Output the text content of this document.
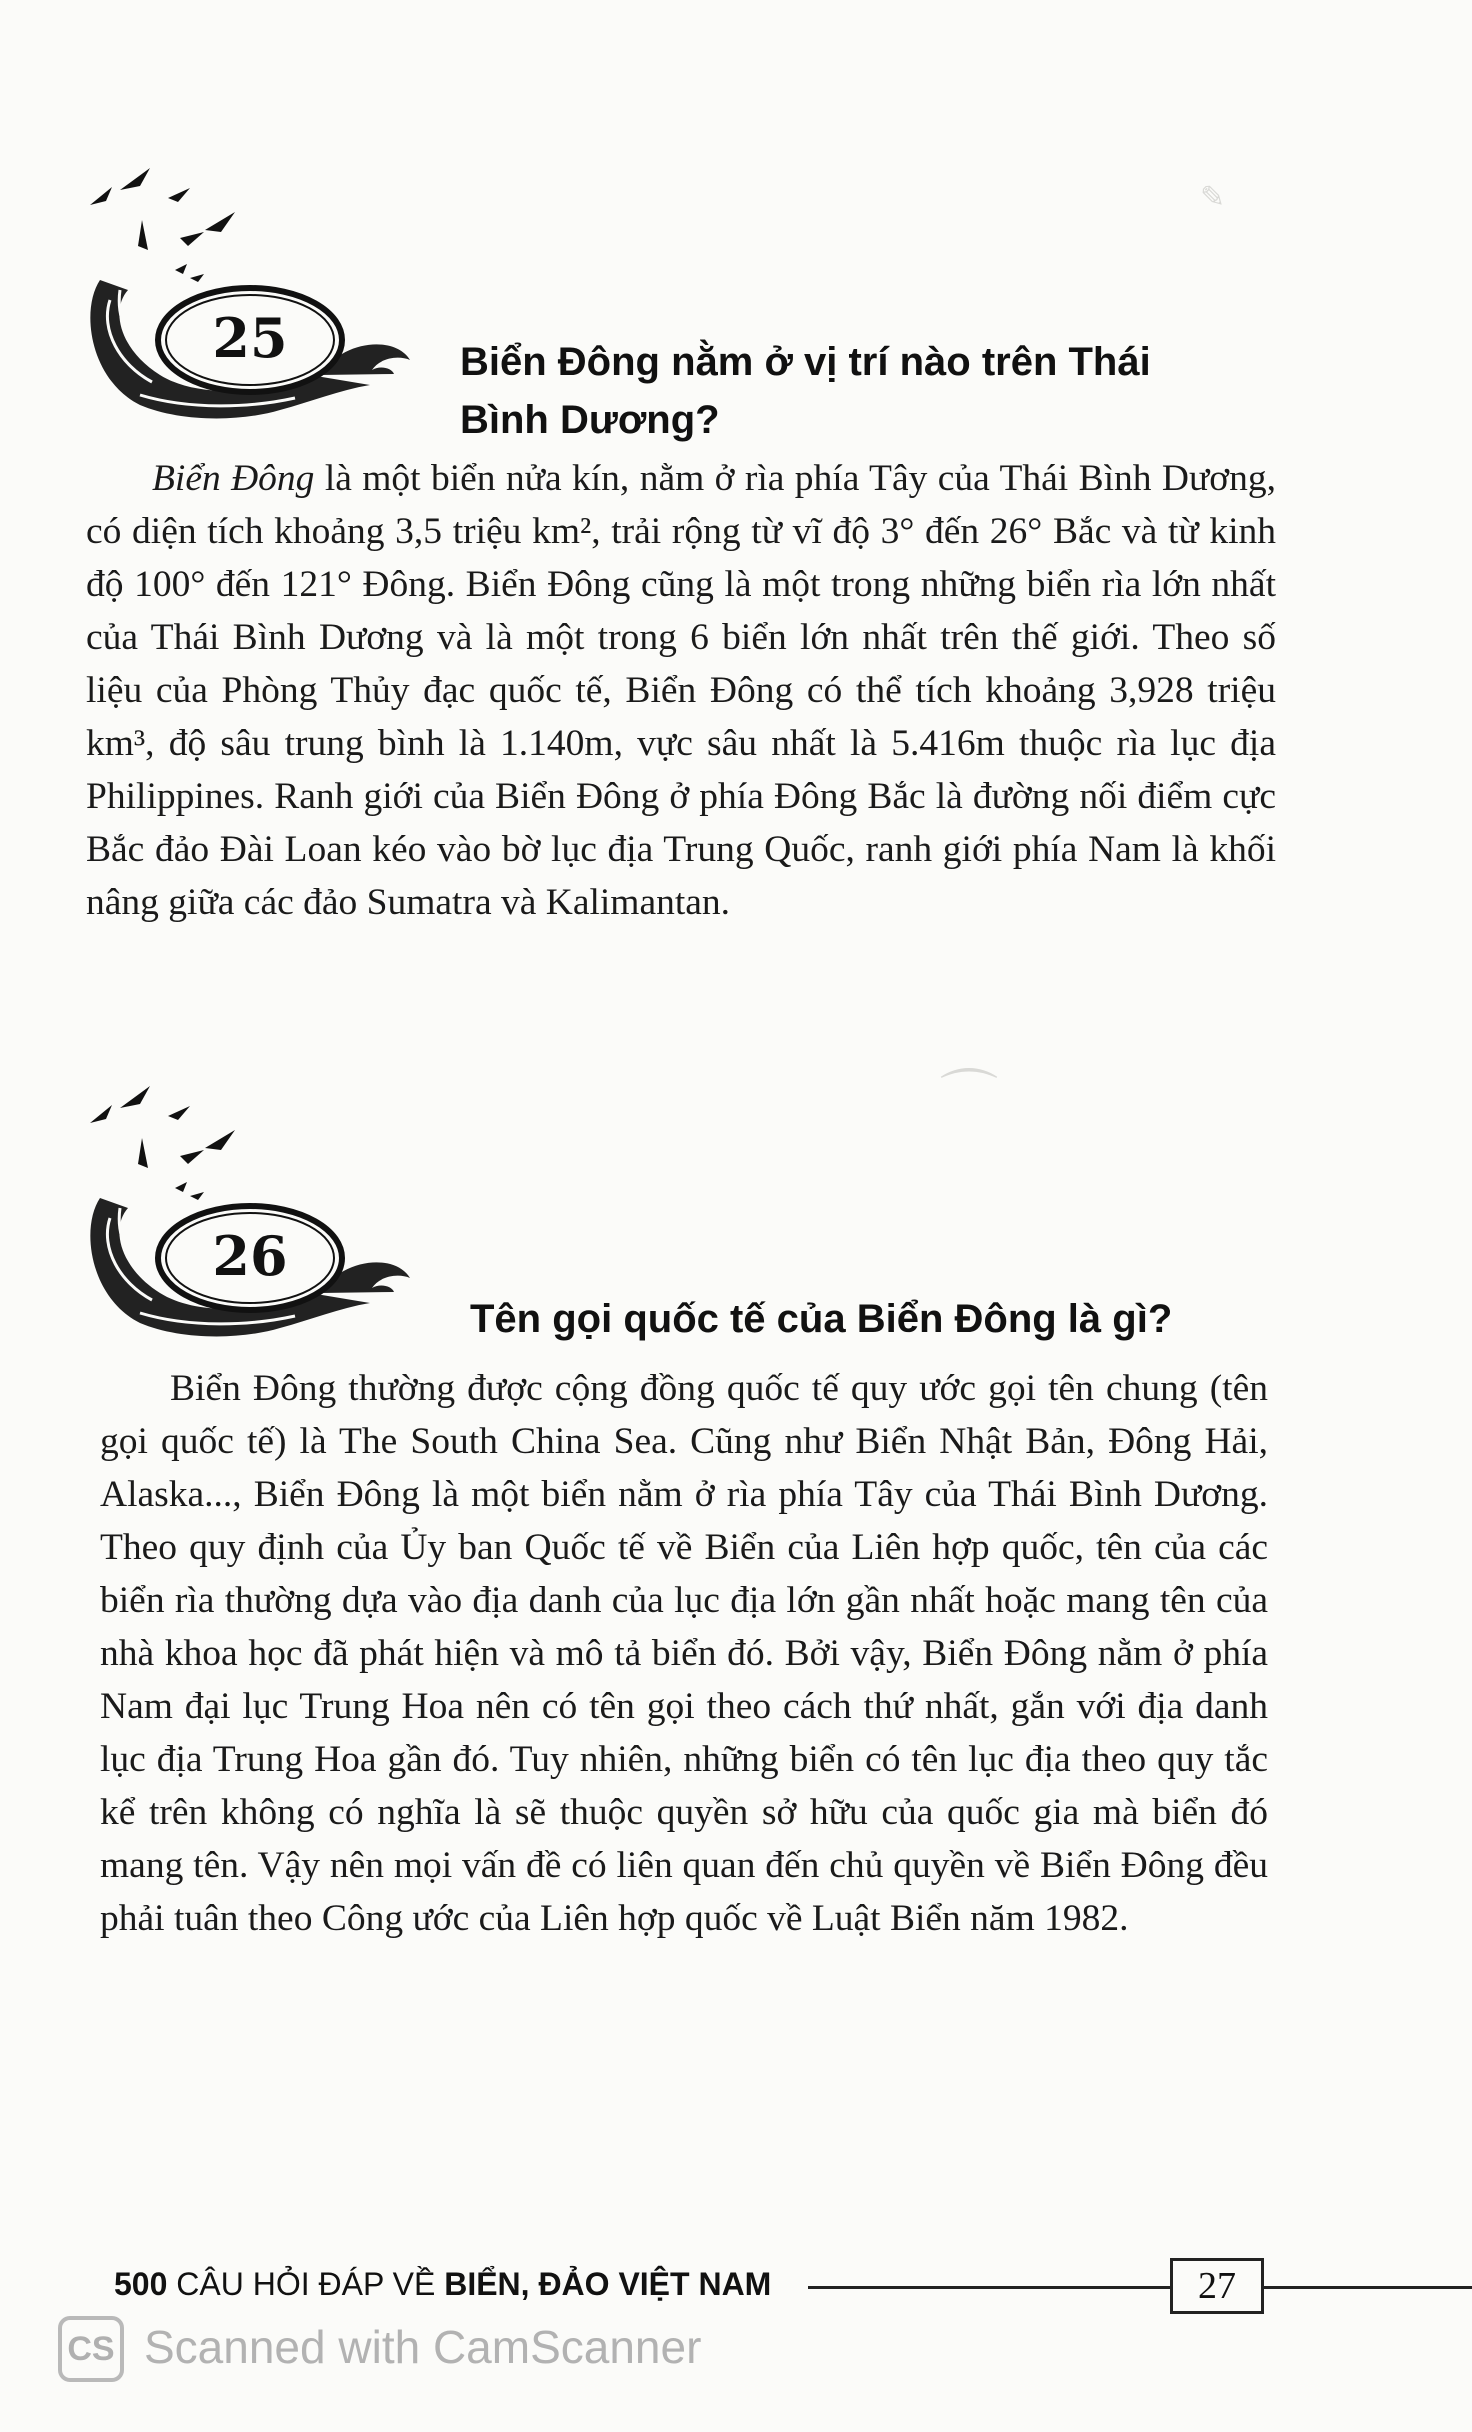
✎
⌒
25	Biển Đông nằm ở vị trí nào trên Thái
Bình Dương?

Biển Đông là một biển nửa kín, nằm ở rìa phía Tây của Thái Bình Dương, có diện tích khoảng 3,5 triệu km², trải rộng từ vĩ độ 3° đến 26° Bắc và từ kinh độ 100° đến 121° Đông. Biển Đông cũng là một trong những biển rìa lớn nhất của Thái Bình Dương và là một trong 6 biển lớn nhất trên thế giới. Theo số liệu của Phòng Thủy đạc quốc tế, Biển Đông có thể tích khoảng 3,928 triệu km³, độ sâu trung bình là 1.140m, vực sâu nhất là 5.416m thuộc rìa lục địa Philippines. Ranh giới của Biển Đông ở phía Đông Bắc là đường nối điểm cực Bắc đảo Đài Loan kéo vào bờ lục địa Trung Quốc, ranh giới phía Nam là khối nâng giữa các đảo Sumatra và Kalimantan.

26
Tên gọi quốc tế của Biển Đông là gì?

Biển Đông thường được cộng đồng quốc tế quy ước gọi tên chung (tên gọi quốc tế) là The South China Sea. Cũng như Biển Nhật Bản, Đông Hải, Alaska..., Biển Đông là một biển nằm ở rìa phía Tây của Thái Bình Dương. Theo quy định của Ủy ban Quốc tế về Biển của Liên hợp quốc, tên của các biển rìa thường dựa vào địa danh của lục địa lớn gần nhất hoặc mang tên của nhà khoa học đã phát hiện và mô tả biển đó. Bởi vậy, Biển Đông nằm ở phía Nam đại lục Trung Hoa nên có tên gọi theo cách thứ nhất, gắn với địa danh lục địa Trung Hoa gần đó. Tuy nhiên, những biển có tên lục địa theo quy tắc kể trên không có nghĩa là sẽ thuộc quyền sở hữu của quốc gia mà biển đó mang tên. Vậy nên mọi vấn đề có liên quan đến chủ quyền về Biển Đông đều phải tuân theo Công ước của Liên hợp quốc về Luật Biển năm 1982.

500 CÂU HỎI ĐÁP VỀ BIỂN, ĐẢO VIỆT NAM	27
CS Scanned with CamScanner
